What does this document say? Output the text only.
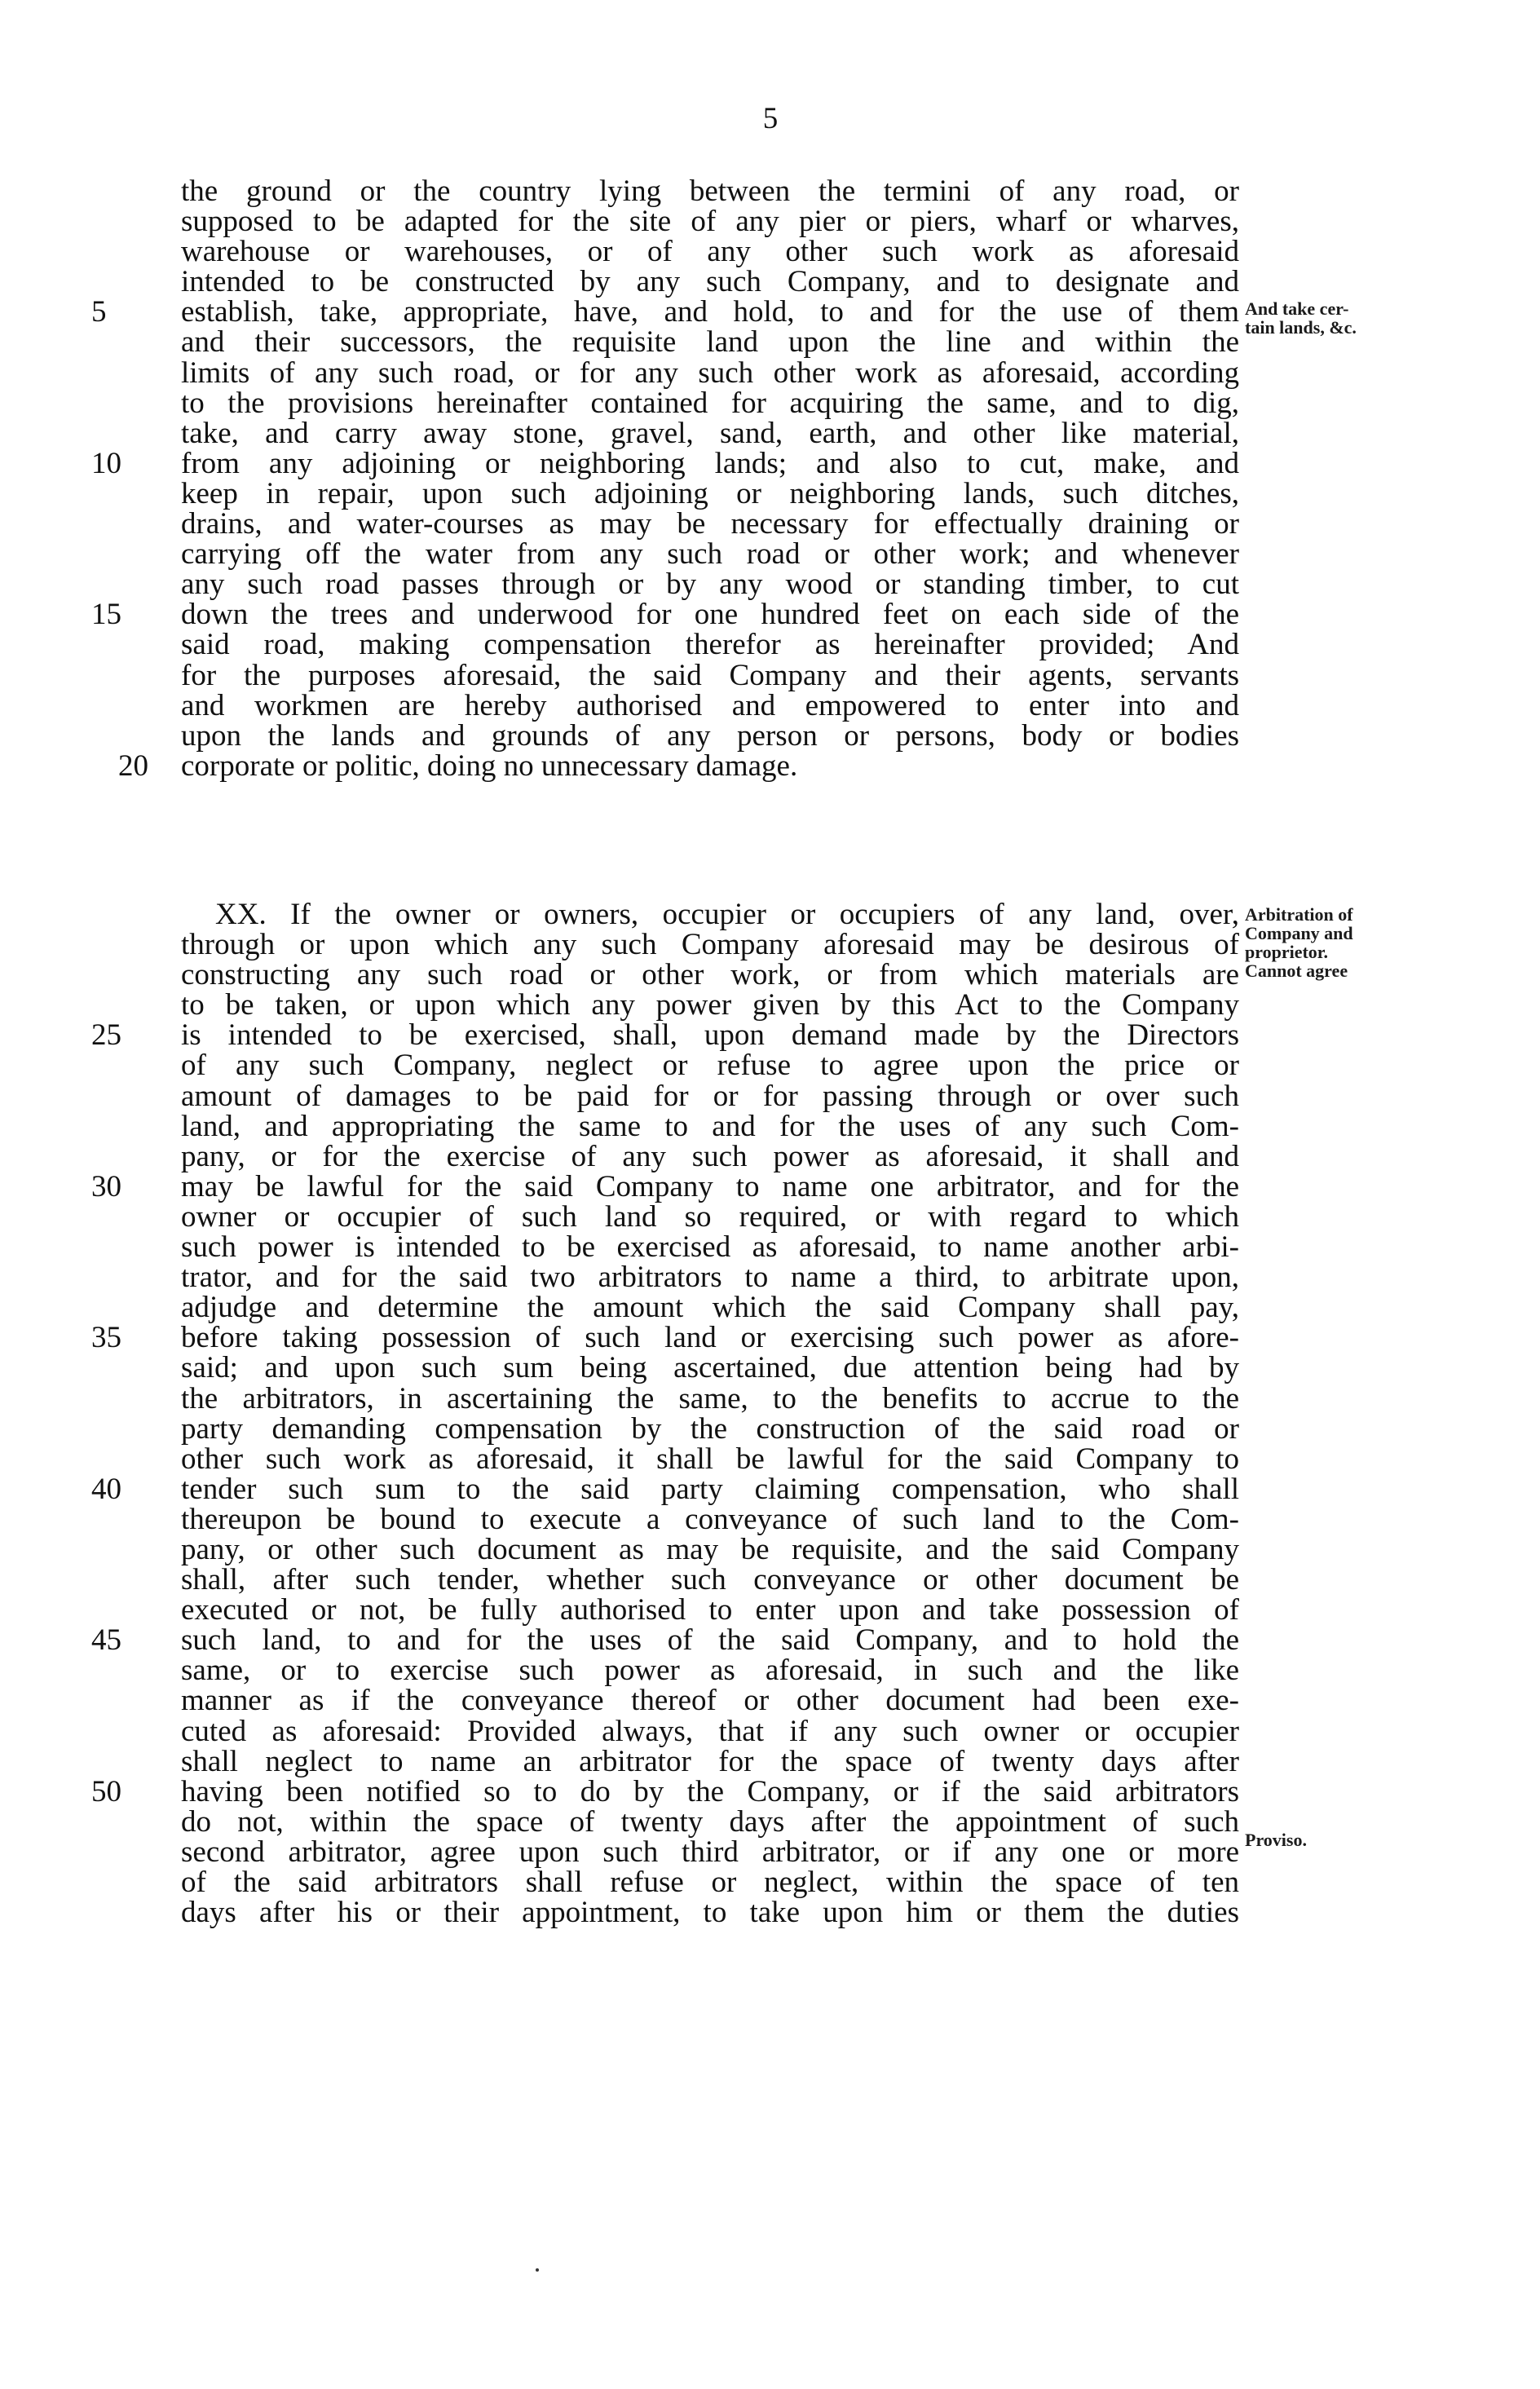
5
the ground or the country lying between the termini of any road, or
supposed to be adapted for the site of any pier or piers, wharf or wharves,
warehouse or warehouses, or of any other such work as aforesaid
intended to be constructed by any such Company, and to designate and
5	establish, take, appropriate, have, and hold, to and for the use of them
and their successors, the requisite land upon the line and within the
limits of any such road, or for any such other work as aforesaid, according
to the provisions hereinafter contained for acquiring the same, and to dig,
take, and carry away stone, gravel, sand, earth, and other like material,
10	from any adjoining or neighboring lands; and also to cut, make, and
keep in repair, upon such adjoining or neighboring lands, such ditches,
drains, and water-courses as may be necessary for effectually draining or
carrying off the water from any such road or other work; and whenever
any such road passes through or by any wood or standing timber, to cut
15	down the trees and underwood for one hundred feet on each side of the
said road, making compensation therefor as hereinafter provided; And
for the purposes aforesaid, the said Company and their agents, servants
and workmen are hereby authorised and empowered to enter into and
upon the lands and grounds of any person or persons, body or bodies
20 corporate or politic, doing no unnecessary damage.
XX. If the owner or owners, occupier or occupiers of any land, over,
through or upon which any such Company aforesaid may be desirous of
constructing any such road or other work, or from which materials are
to be taken, or upon which any power given by this Act to the Company
25	is intended to be exercised, shall, upon demand made by the Directors
of any such Company, neglect or refuse to agree upon the price or
amount of damages to be paid for or for passing through or over such
land, and appropriating the same to and for the uses of any such Com-
pany, or for the exercise of any such power as aforesaid, it shall and
30	may be lawful for the said Company to name one arbitrator, and for the
owner or occupier of such land so required, or with regard to which
such power is intended to be exercised as aforesaid, to name another arbi-
trator, and for the said two arbitrators to name a third, to arbitrate upon,
adjudge and determine the amount which the said Company shall pay,
35	before taking possession of such land or exercising such power as afore-
said; and upon such sum being ascertained, due attention being had by
the arbitrators, in ascertaining the same, to the benefits to accrue to the
party demanding compensation by the construction of the said road or
other such work as aforesaid, it shall be lawful for the said Company to
40	tender such sum to the said party claiming compensation, who shall
thereupon be bound to execute a conveyance of such land to the Com-
pany, or other such document as may be requisite, and the said Company
shall, after such tender, whether such conveyance or other document be
executed or not, be fully authorised to enter upon and take possession of
45	such land, to and for the uses of the said Company, and to hold the
same, or to exercise such power as aforesaid, in such and the like
manner as if the conveyance thereof or other document had been exe-
cuted as aforesaid: Provided always, that if any such owner or occupier
shall neglect to name an arbitrator for the space of twenty days after
50	having been notified so to do by the Company, or if the said arbitrators
do not, within the space of twenty days after the appointment of such
second arbitrator, agree upon such third arbitrator, or if any one or more
of the said arbitrators shall refuse or neglect, within the space of ten
days after his or their appointment, to take upon him or them the duties
And take cer-
tain lands, &c.
Arbitration of
Company and
proprietor.
Cannot agree
Proviso.
